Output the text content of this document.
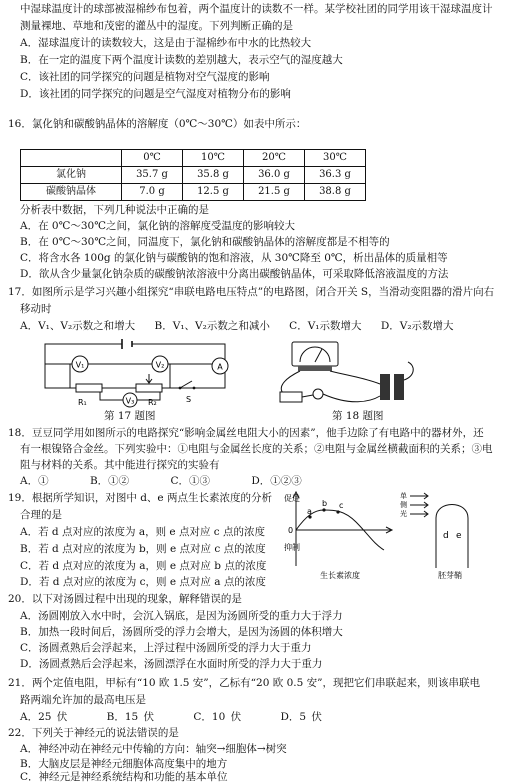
中湿球温度计的球部被湿棉纱布包着，两个温度计的读数不一样。某学校社团的同学用该干湿球温度计
测量裸地、草地和茂密的灌丛中的湿度。下列判断正确的是
A．湿球温度计的读数较大，这是由于湿棉纱布中水的比热较大
B．在一定的温度下两个温度计读数的差别越大，表示空气的湿度越大
C．该社团的同学探究的问题是植物对空气湿度的影响
D．该社团的同学探究的问题是空气湿度对植物分布的影响
16．氯化钠和碳酸钠晶体的溶解度（0℃～30℃）如表中所示：
	0℃	10℃	20℃	30℃
氯化钠	35.7 g	35.8 g	36.0 g	36.3 g
碳酸钠晶体	7.0 g	12.5 g	21.5 g	38.8 g
分析表中数据，下列几种说法中正确的是
A．在 0℃～30℃之间，氯化钠的溶解度受温度的影响较大
B．在 0℃～30℃之间，同温度下，氯化钠和碳酸钠晶体的溶解度都是不相等的
C．将含水各 100g 的氯化钠与碳酸钠的饱和溶液，从 30℃降至 0℃，析出晶体的质量相等
D．欲从含少量氯化钠杂质的碳酸钠浓溶液中分离出碳酸钠晶体，可采取降低溶液温度的方法
17．如图所示是学习兴趣小组探究“串联电路电压特点”的电路图，闭合开关 S，当滑动变阻器的滑片向右
移动时
A．V₁、V₂示数之和增大 B．V₁、V₂示数之和减小 C．V₁示数增大 D．V₂示数增大
V₁	V₂	A
R₁	R₂	S
V₃
第 17 题图	第 18 题图
18．豆豆同学用如图所示的电路探究“影响金属丝电阻大小的因素”，他手边除了有电路中的器材外，还
有一根镍铬合金丝。下列实验中：①电阻与金属丝长度的关系；②电阻与金属丝横截面积的关系；③电
阻与材料的关系。其中能进行探究的实验有
A．①	B．①②	C．①③	D．①②③
19．根据所学知识，对图中 d、e 两点生长素浓度的分析
合理的是
A．若 d 点对应的浓度为 a，则 e 点对应 c 点的浓度
B．若 d 点对应的浓度为 b，则 e 点对应 c 点的浓度
C．若 d 点对应的浓度为 a，则 e 点对应 b 点的浓度
D．若 d 点对应的浓度为 c，则 e 点对应 a 点的浓度
促进
0
抑制
a
b c
生长素浓度
单侧光
d e
胚芽鞘
20．以下对汤圆过程中出现的现象，解释错误的是
A．汤圆刚放入水中时，会沉入锅底，是因为汤圆所受的重力大于浮力
B．加热一段时间后，汤圆所受的浮力会增大，是因为汤圆的体积增大
C．汤圆煮熟后会浮起来，上浮过程中汤圆所受的浮力大于重力
D．汤圆煮熟后会浮起来，汤圆漂浮在水面时所受的浮力大于重力
21．两个定值电阻，甲标有“10 欧 1.5 安”，乙标有“20 欧 0.5 安”，现把它们串联起来，则该串联电
路两端允许加的最高电压是
A．25 伏	B．15 伏	C．10 伏	D．5 伏
22．下列关于神经元的说法错误的是
A．神经冲动在神经元中传输的方向：轴突→细胞体→树突
B．大脑皮层是神经元细胞体高度集中的地方
C．神经元是神经系统结构和功能的基本单位
